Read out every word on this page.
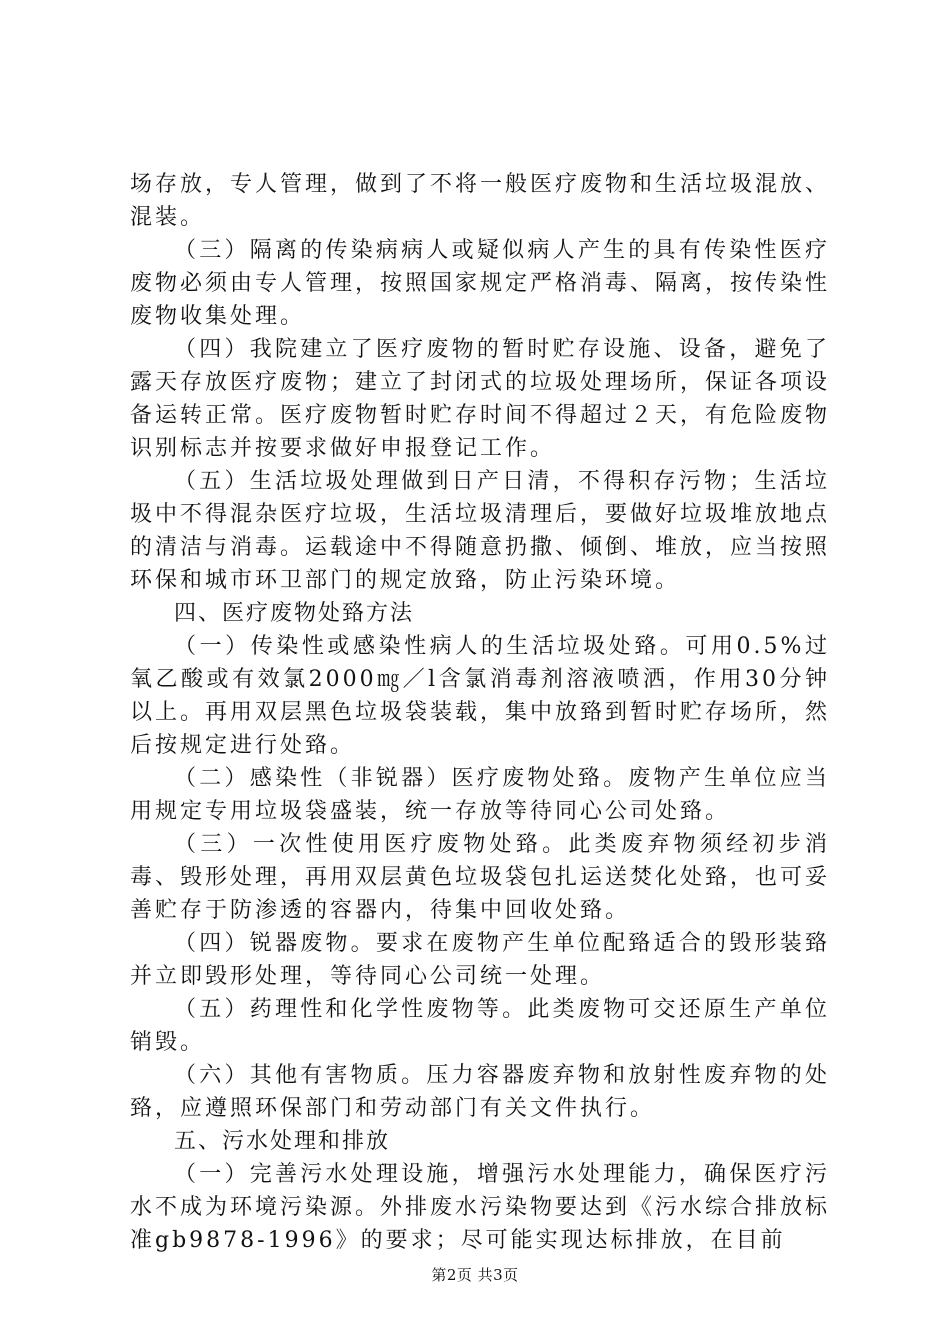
场存放，专人管理，做到了不将一般医疗废物和生活垃圾混放、混装。

（三）隔离的传染病病人或疑似病人产生的具有传染性医疗废物必须由专人管理，按照国家规定严格消毒、隔离，按传染性废物收集处理。

（四）我院建立了医疗废物的暂时贮存设施、设备，避免了露天存放医疗废物；建立了封闭式的垃圾处理场所，保证各项设备运转正常。医疗废物暂时贮存时间不得超过２天，有危险废物识别标志并按要求做好申报登记工作。

（五）生活垃圾处理做到日产日清，不得积存污物；生活垃圾中不得混杂医疗垃圾，生活垃圾清理后，要做好垃圾堆放地点的清洁与消毒。运载途中不得随意扔撒、倾倒、堆放，应当按照环保和城市环卫部门的规定放臵，防止污染环境。

四、医疗废物处臵方法

（一）传染性或感染性病人的生活垃圾处臵。可用0.5%过氧乙酸或有效氯2000㎎／l含氯消毒剂溶液喷洒，作用30分钟以上。再用双层黑色垃圾袋装载，集中放臵到暂时贮存场所，然后按规定进行处臵。

（二）感染性（非锐器）医疗废物处臵。废物产生单位应当用规定专用垃圾袋盛装，统一存放等待同心公司处臵。

（三）一次性使用医疗废物处臵。此类废弃物须经初步消毒、毁形处理，再用双层黄色垃圾袋包扎运送焚化处臵，也可妥善贮存于防渗透的容器内，待集中回收处臵。

（四）锐器废物。要求在废物产生单位配臵适合的毁形装臵并立即毁形处理，等待同心公司统一处理。

（五）药理性和化学性废物等。此类废物可交还原生产单位销毁。

（六）其他有害物质。压力容器废弃物和放射性废弃物的处臵，应遵照环保部门和劳动部门有关文件执行。

五、污水处理和排放

（一）完善污水处理设施，增强污水处理能力，确保医疗污水不成为环境污染源。外排废水污染物要达到《污水综合排放标准gb9878-1996》的要求；尽可能实现达标排放，在目前

第2页 共3页
